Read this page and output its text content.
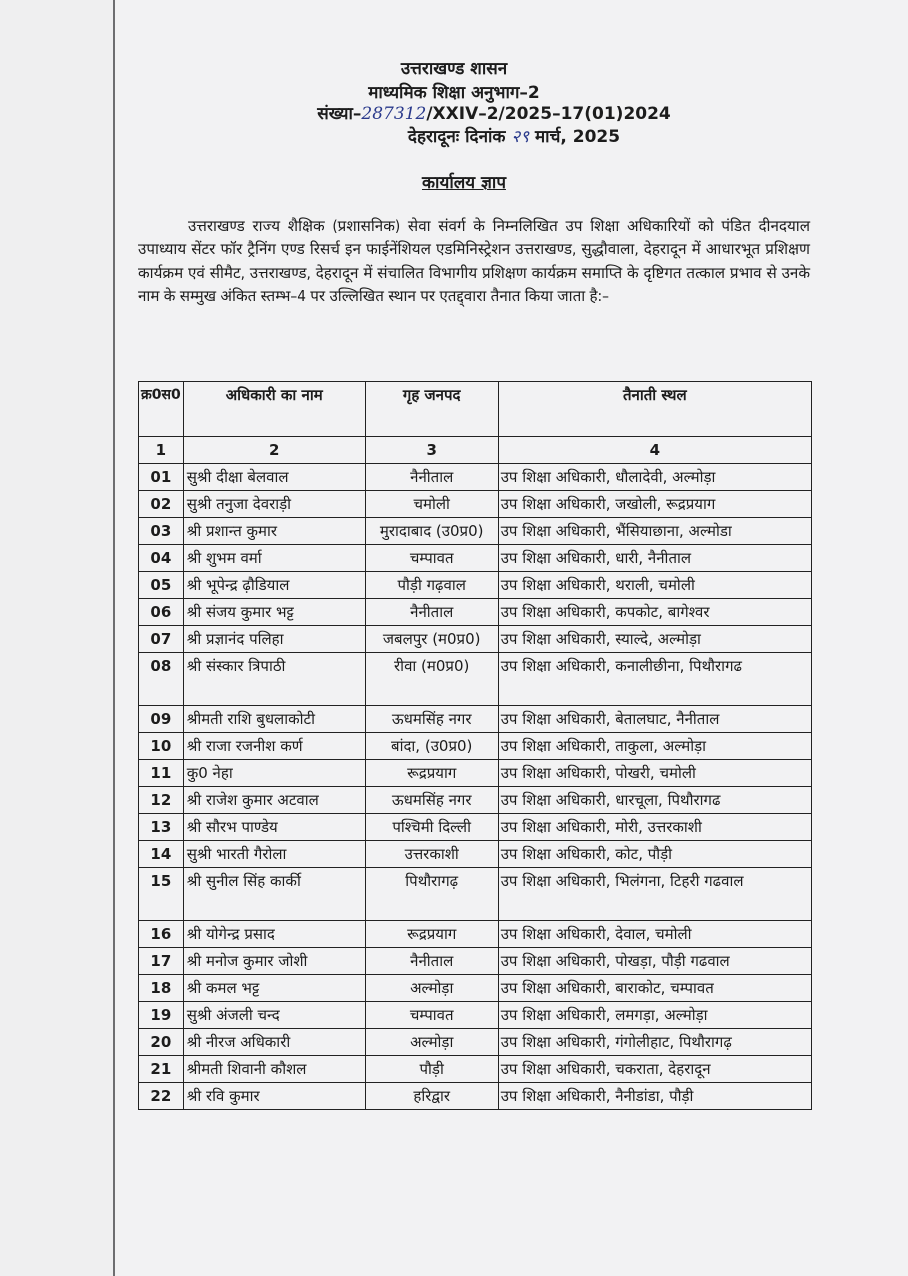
उत्तराखण्ड शासन
माध्यमिक शिक्षा अनुभाग–2
संख्या–287312/XXIV–2/2025–17(01)2024
देहरादूनः दिनांक २९ मार्च, 2025
कार्यालय ज्ञाप
उत्तराखण्ड राज्य शैक्षिक (प्रशासनिक) सेवा संवर्ग के निम्नलिखित उप शिक्षा अधिकारियों को पंडित दीनदयाल उपाध्याय सेंटर फॉर ट्रैनिंग एण्ड रिसर्च इन फाईनेंशियल एडमिनिस्ट्रेशन उत्तराखण्ड, सुद्धौवाला, देहरादून में आधारभूत प्रशिक्षण कार्यक्रम एवं सीमैट, उत्तराखण्ड, देहरादून में संचालित विभागीय प्रशिक्षण कार्यक्रम समाप्ति के दृष्टिगत तत्काल प्रभाव से उनके नाम के सम्मुख अंकित स्तम्भ–4 पर उल्लिखित स्थान पर एतद्द्वारा तैनात किया जाता है:–
क्र0स0	अधिकारी का नाम	गृह जनपद	तैनाती स्थल
1	2	3	4
01	सुश्री दीक्षा बेलवाल	नैनीताल	उप शिक्षा अधिकारी, धौलादेवी, अल्मोड़ा
02	सुश्री तनुजा देवराड़ी	चमोली	उप शिक्षा अधिकारी, जखोली, रूद्रप्रयाग
03	श्री प्रशान्त कुमार	मुरादाबाद (उ0प्र0)	उप शिक्षा अधिकारी, भैंसियाछाना, अल्मोडा
04	श्री शुभम वर्मा	चम्पावत	उप शिक्षा अधिकारी, धारी, नैनीताल
05	श्री भूपेन्द्र ढ़ौडियाल	पौड़ी गढ़वाल	उप शिक्षा अधिकारी, थराली, चमोली
06	श्री संजय कुमार भट्ट	नैनीताल	उप शिक्षा अधिकारी, कपकोट, बागेश्वर
07	श्री प्रज्ञानंद पलिहा	जबलपुर (म0प्र0)	उप शिक्षा अधिकारी, स्याल्दे, अल्मोड़ा
08	श्री संस्कार त्रिपाठी	रीवा (म0प्र0)	उप शिक्षा अधिकारी, कनालीछीना, पिथौरागढ
09	श्रीमती राशि बुधलाकोटी	ऊधमसिंह नगर	उप शिक्षा अधिकारी, बेतालघाट, नैनीताल
10	श्री राजा रजनीश कर्ण	बांदा, (उ0प्र0)	उप शिक्षा अधिकारी, ताकुला, अल्मोड़ा
11	कु0 नेहा	रूद्रप्रयाग	उप शिक्षा अधिकारी, पोखरी, चमोली
12	श्री राजेश कुमार अटवाल	ऊधमसिंह नगर	उप शिक्षा अधिकारी, धारचूला, पिथौरागढ
13	श्री सौरभ पाण्डेय	पश्चिमी दिल्ली	उप शिक्षा अधिकारी, मोरी, उत्तरकाशी
14	सुश्री भारती गैरोला	उत्तरकाशी	उप शिक्षा अधिकारी, कोट, पौड़ी
15	श्री सुनील सिंह कार्की	पिथौरागढ़	उप शिक्षा अधिकारी, भिलंगना, टिहरी गढवाल
16	श्री योगेन्द्र प्रसाद	रूद्रप्रयाग	उप शिक्षा अधिकारी, देवाल, चमोली
17	श्री मनोज कुमार जोशी	नैनीताल	उप शिक्षा अधिकारी, पोखड़ा, पौड़ी गढवाल
18	श्री कमल भट्ट	अल्मोड़ा	उप शिक्षा अधिकारी, बाराकोट, चम्पावत
19	सुश्री अंजली चन्द	चम्पावत	उप शिक्षा अधिकारी, लमगड़ा, अल्मोड़ा
20	श्री नीरज अधिकारी	अल्मोड़ा	उप शिक्षा अधिकारी, गंगोलीहाट, पिथौरागढ़
21	श्रीमती शिवानी कौशल	पौड़ी	उप शिक्षा अधिकारी, चकराता, देहरादून
22	श्री रवि कुमार	हरिद्वार	उप शिक्षा अधिकारी, नैनीडांडा, पौड़ी
